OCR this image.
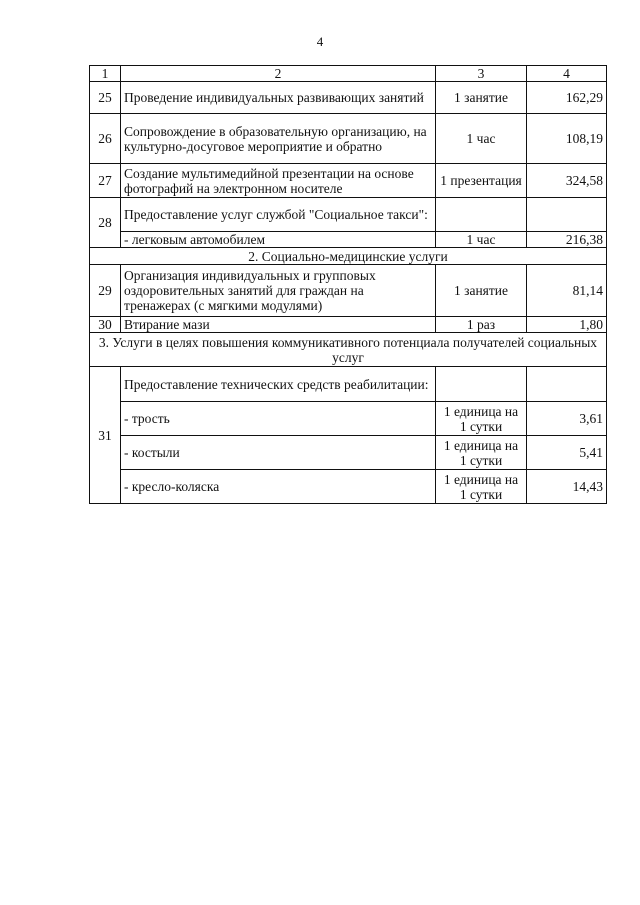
4
1	2	3	4
25	Проведение индивидуальных развивающих занятий	1 занятие	162,29
26	Сопровождение в образовательную организацию, на культурно-досуговое мероприятие и обратно	1 час	108,19
27	Создание мультимедийной презентации на основе фотографий на электронном носителе	1 презентация	324,58
28	Предоставление услуг службой "Социальное такси":		
	- легковым автомобилем	1 час	216,38
2. Социально-медицинские услуги			
29	Организация индивидуальных и групповых оздоровительных занятий для граждан на тренажерах (с мягкими модулями)	1 занятие	81,14
30	Втирание мази	1 раз	1,80
3. Услуги в целях повышения коммуникативного потенциала получателей социальных услуг			
31	Предоставление технических средств реабилитации:		
	- трость	1 единица на 1 сутки	3,61
	- костыли	1 единица на 1 сутки	5,41
	- кресло-коляска	1 единица на 1 сутки	14,43
